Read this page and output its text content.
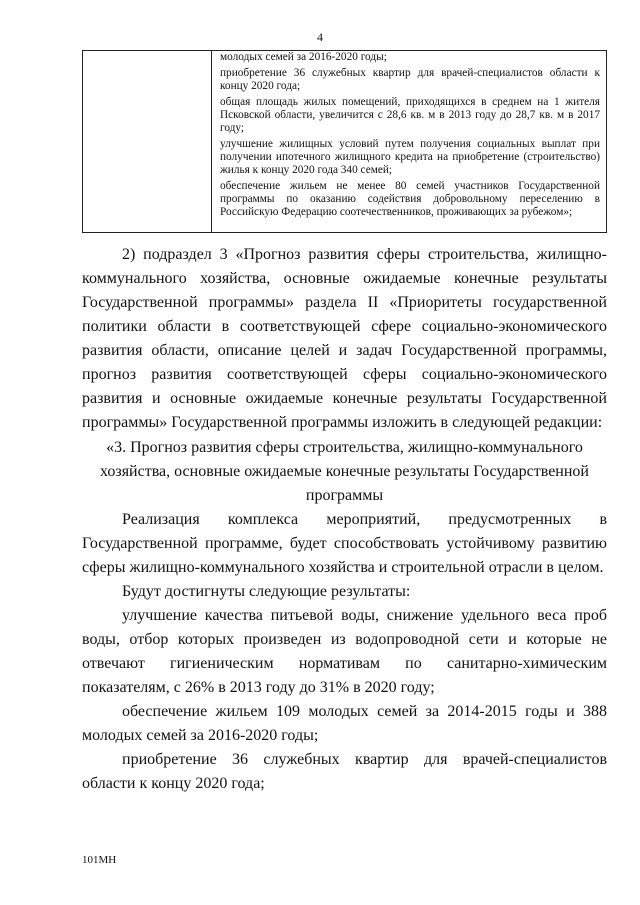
4

молодых семей за 2016-2020 годы;

приобретение 36 служебных квартир для врачей-специалистов области к концу 2020 года;

общая площадь жилых помещений, приходящихся в среднем на 1 жителя Псковской области, увеличится с 28,6 кв. м в 2013 году до 28,7 кв. м в 2017 году;

улучшение жилищных условий путем получения социальных выплат при получении ипотечного жилищного кредита на приобретение (строительство) жилья к концу 2020 года 340 семей;

обеспечение жильем не менее 80 семей участников Государственной программы по оказанию содействия добровольному переселению в Российскую Федерацию соотечественников, проживающих за рубежом»;

2) подраздел 3 «Прогноз развития сферы строительства, жилищно-коммунального хозяйства, основные ожидаемые конечные результаты Государственной программы» раздела II «Приоритеты государственной политики области в соответствующей сфере социально-экономического развития области, описание целей и задач Государственной программы, прогноз развития соответствующей сферы социально-экономического развития и основные ожидаемые конечные результаты Государственной программы» Государственной программы изложить в следующей редакции:

«3. Прогноз развития сферы строительства, жилищно-коммунального

хозяйства, основные ожидаемые конечные результаты Государственной

программы

Реализация комплекса мероприятий, предусмотренных в Государственной программе, будет способствовать устойчивому развитию сферы жилищно-коммунального хозяйства и строительной отрасли в целом.

Будут достигнуты следующие результаты:

улучшение качества питьевой воды, снижение удельного веса проб воды, отбор которых произведен из водопроводной сети и которые не отвечают гигиеническим нормативам по санитарно-химическим показателям, с 26% в 2013 году до 31% в 2020 году;

обеспечение жильем 109 молодых семей за 2014-2015 годы и 388 молодых семей за 2016-2020 годы;

приобретение 36 служебных квартир для врачей-специалистов области к концу 2020 года;

101МН
